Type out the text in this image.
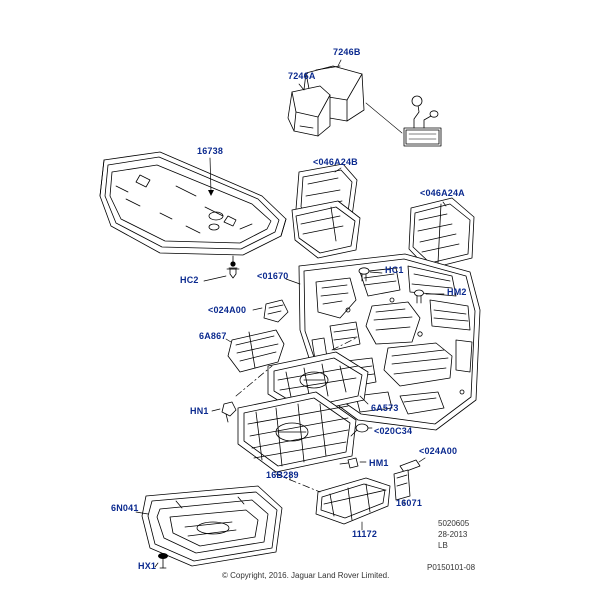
7246B
7246A
16738
<046A24B
<046A24A
HC2	<01670
HC1
HM2
<024A00
6A867
6A573
HN1
<020C34
<024A00
16B289
HM1
16071
6N041
11172
HX1
5020605
28-2013
LB
P0150101-08
© Copyright, 2016. Jaguar Land Rover Limited.
